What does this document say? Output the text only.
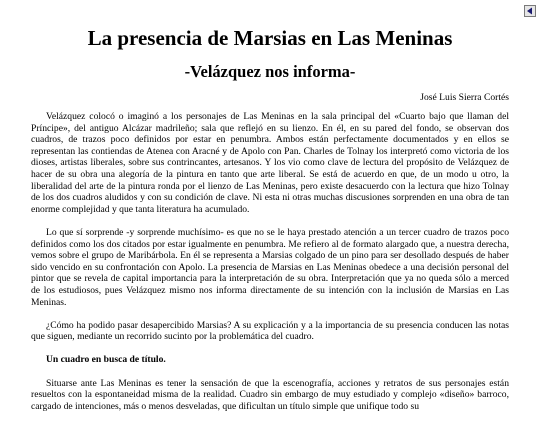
La presencia de Marsias en Las Meninas
-Velázquez nos informa-
José Luis Sierra Cortés

Velázquez colocó o imaginó a los personajes de Las Meninas en la sala principal del «Cuarto bajo que llaman del Príncipe», del antiguo Alcázar madrileño; sala que reflejó en su lienzo. En él, en su pared del fondo, se observan dos cuadros, de trazos poco definidos por estar en penumbra. Ambos están perfectamente documentados y en ellos se representan las contiendas de Atenea con Aracné y de Apolo con Pan. Charles de Tolnay los interpretó como victoria de los dioses, artistas liberales, sobre sus contrincantes, artesanos. Y los vio como clave de lectura del propósito de Velázquez de hacer de su obra una alegoría de la pintura en tanto que arte liberal. Se está de acuerdo en que, de un modo u otro, la liberalidad del arte de la pintura ronda por el lienzo de Las Meninas, pero existe desacuerdo con la lectura que hizo Tolnay de los dos cuadros aludidos y con su condición de clave. Ni esta ni otras muchas discusiones sorprenden en una obra de tan enorme complejidad y que tanta literatura ha acumulado.

Lo que sí sorprende -y sorprende muchísimo- es que no se le haya prestado atención a un tercer cuadro de trazos poco definidos como los dos citados por estar igualmente en penumbra. Me refiero al de formato alargado que, a nuestra derecha, vemos sobre el grupo de Maribárbola. En él se representa a Marsias colgado de un pino para ser desollado después de haber sido vencido en su confrontación con Apolo. La presencia de Marsias en Las Meninas obedece a una decisión personal del pintor que se revela de capital importancia para la interpretación de su obra. Interpretación que ya no queda sólo a merced de los estudiosos, pues Velázquez mismo nos informa directamente de su intención con la inclusión de Marsias en Las Meninas.

¿Cómo ha podido pasar desapercibido Marsias? A su explicación y a la importancia de su presencia conducen las notas que siguen, mediante un recorrido sucinto por la problemática del cuadro.

Un cuadro en busca de título.

Situarse ante Las Meninas es tener la sensación de que la escenografía, acciones y retratos de sus personajes están resueltos con la espontaneidad misma de la realidad. Cuadro sin embargo de muy estudiado y complejo «diseño» barroco, cargado de intenciones, más o menos desveladas, que dificultan un título simple que unifique todo su
